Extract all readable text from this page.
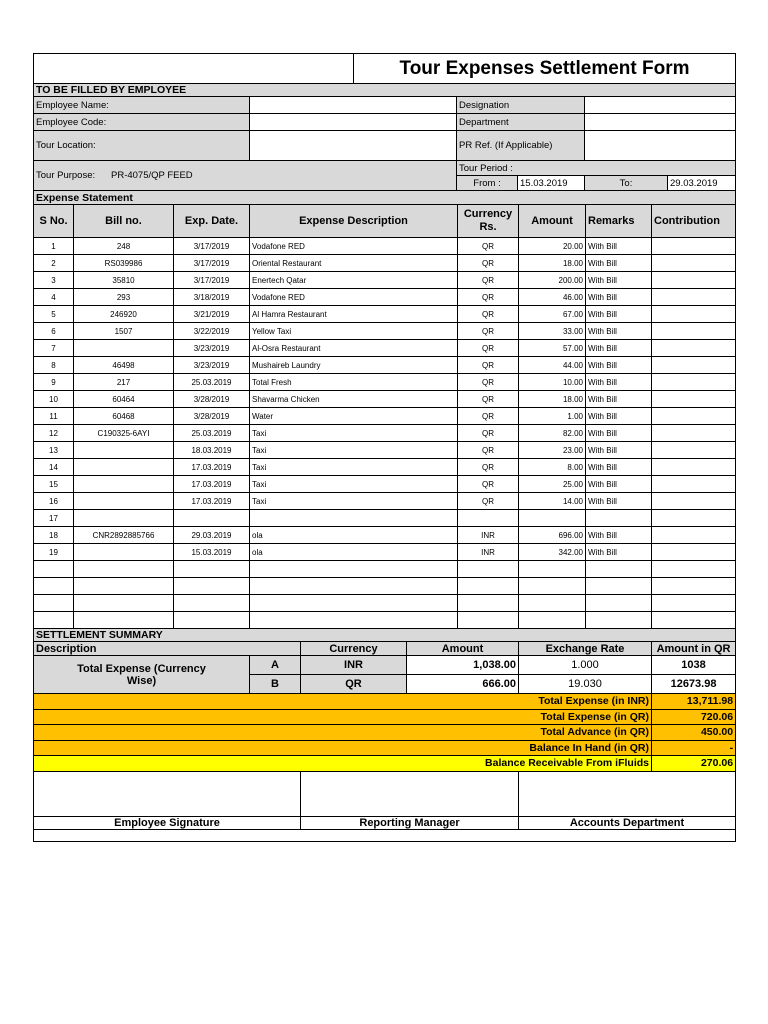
		Tour Expenses Settlement Form				
TO BE FILLED BY EMPLOYEE						
Employee Name:			Designation			
Employee Code:			Department			
Tour Location:			PR Ref. (If Applicable)			
Tour Purpose: PR-4075/QP FEED			Tour Period :			
			From :	15.03.2019	To:	29.03.2019
Expense Statement							
S No.	Bill no.	Exp. Date.	Expense Description	Currency Rs.	Amount	Remarks	Contribution
1	248	3/17/2019	Vodafone RED	QR	20.00	With Bill	
2	RS039986	3/17/2019	Oriental Restaurant	QR	18.00	With Bill	
3	35810	3/17/2019	Enertech Qatar	QR	200.00	With Bill	
4	293	3/18/2019	Vodafone RED	QR	46.00	With Bill	
5	246920	3/21/2019	Al Hamra Restaurant	QR	67.00	With Bill	
6	1507	3/22/2019	Yellow Taxi	QR	33.00	With Bill	
7		3/23/2019	Al-Osra Restaurant	QR	57.00	With Bill	
8	46498	3/23/2019	Mushaireb Laundry	QR	44.00	With Bill	
9	217	25.03.2019	Total Fresh	QR	10.00	With Bill	
10	60464	3/28/2019	Shavarma Chicken	QR	18.00	With Bill	
11	60468	3/28/2019	Water	QR	1.00	With Bill	
12	C190325-6AYI	25.03.2019	Taxi	QR	82.00	With Bill	
13		18.03.2019	Taxi	QR	23.00	With Bill	
14		17.03.2019	Taxi	QR	8.00	With Bill	
15		17.03.2019	Taxi	QR	25.00	With Bill	
16		17.03.2019	Taxi	QR	14.00	With Bill	
17							
18	CNR2892885766	29.03.2019	ola	INR	696.00	With Bill	
19		15.03.2019	ola	INR	342.00	With Bill	

SETTLEMENT SUMMARY					
Description		Currency	Amount	Exchange Rate	Amount in QR
Total Expense (Currency Wise)	A	INR	1,038.00	1.000	1038
	B	QR	666.00	19.030	12673.98
Total Expense (in INR)					13,711.98
Total Expense (in QR)					720.06
Total Advance (in QR)					450.00
Balance In Hand (in QR)					-
Balance Receivable From iFluids					270.06

Employee Signature	Reporting Manager	Accounts Department
